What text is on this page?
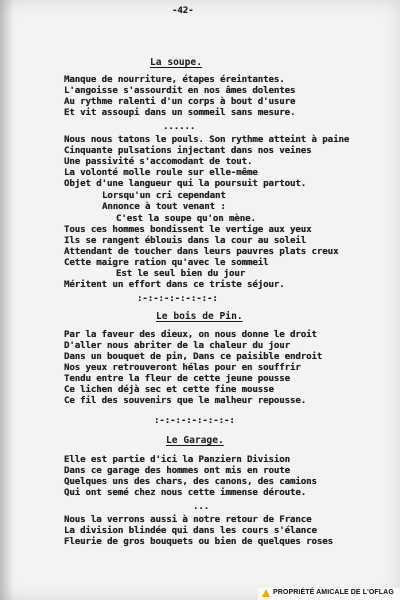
-42-
La soupe.
Manque de nourriture, étapes éreintantes.
L'angoisse s'assourdit en nos âmes dolentes
Au rythme ralenti d'un corps à bout d'usure
Et vit assoupi dans un sommeil sans mesure.
......
Nous nous tatons le pouls. Son rythme atteint à paine
Cinquante pulsations injectant dans nos veines
Une passivité s'accomodant de tout.
La volonté molle roule sur elle-même
Objet d'une langueur qui la poursuit partout.
Lorsqu'un cri cependant
Annonce à tout venant :
C'est la soupe qu'on mène.
Tous ces hommes bondissent le vertige aux yeux
Ils se rangent éblouis dans la cour au soleil
Attendant de toucher dans leurs pauvres plats creux
Cette maigre ration qu'avec le sommeil
Est le seul bien du jour
Méritent un effort dans ce triste séjour.
:-:-:-:-:-:-:-:
Le bois de Pin.
Par la faveur des dieux, on nous donne le droit
D'aller nous abriter de la chaleur du jour
Dans un bouquet de pin, Dans ce paisible endroit
Nos yeux retrouveront hélas pour en souffrir
Tendu entre la fleur de cette jeune pousse
Ce lichen déjà sec et cette fine mousse
Ce fil des souvenirs que le malheur repousse.
:-:-:-:-:-:-:-:
Le Garage.
Elle est partie d'ici la Panziern Division
Dans ce garage des hommes ont mis en route
Quelques uns des chars, des canons, des camions
Qui ont semé chez nous cette immense déroute.
...
Nous la verrons aussi à notre retour de France
La division blindée qui dans les cours s'élance
Fleurie de gros bouquets ou bien de quelques roses
PROPRIÉTÉ AMICALE DE L'OFLAG
